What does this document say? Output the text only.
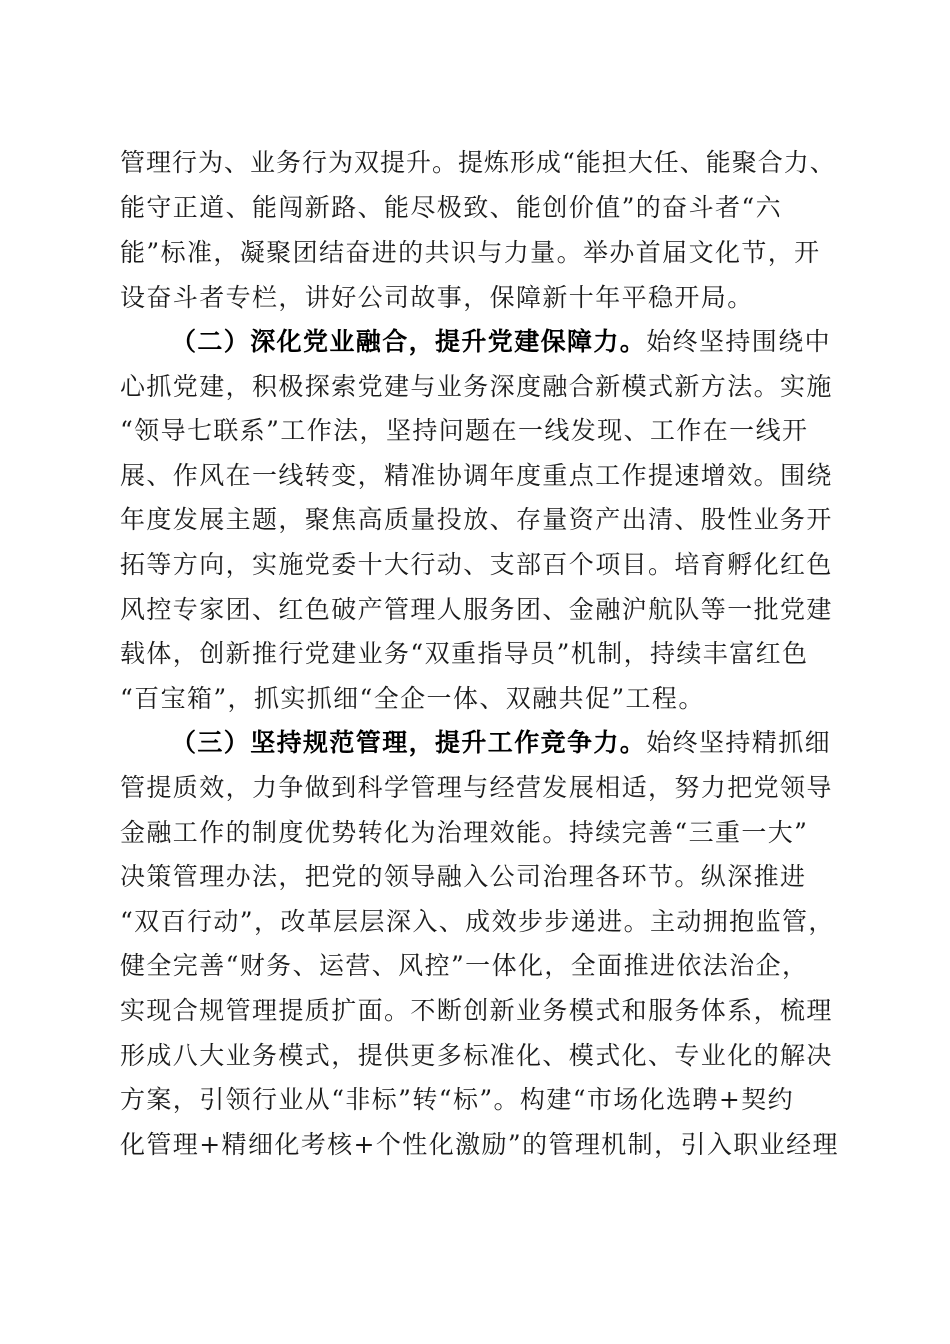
管理行为、业务行为双提升。提炼形成“能担大任、能聚合力、
能守正道、能闯新路、能尽极致、能创价值”的奋斗者“六
能”标准，凝聚团结奋进的共识与力量。举办首届文化节，开
设奋斗者专栏，讲好公司故事，保障新十年平稳开局。
（二）深化党业融合，提升党建保障力。始终坚持围绕中
心抓党建，积极探索党建与业务深度融合新模式新方法。实施
“领导七联系”工作法，坚持问题在一线发现、工作在一线开
展、作风在一线转变，精准协调年度重点工作提速增效。围绕
年度发展主题，聚焦高质量投放、存量资产出清、股性业务开
拓等方向，实施党委十大行动、支部百个项目。培育孵化红色
风控专家团、红色破产管理人服务团、金融沪航队等一批党建
载体，创新推行党建业务“双重指导员”机制，持续丰富红色
“百宝箱”，抓实抓细“全企一体、双融共促”工程。
（三）坚持规范管理，提升工作竞争力。始终坚持精抓细
管提质效，力争做到科学管理与经营发展相适，努力把党领导
金融工作的制度优势转化为治理效能。持续完善“三重一大”
决策管理办法，把党的领导融入公司治理各环节。纵深推进
“双百行动”，改革层层深入、成效步步递进。主动拥抱监管，
健全完善“财务、运营、风控”一体化，全面推进依法治企，
实现合规管理提质扩面。不断创新业务模式和服务体系，梳理
形成八大业务模式，提供更多标准化、模式化、专业化的解决
方案，引领行业从“非标”转“标”。构建“市场化选聘+契约
化管理+精细化考核+个性化激励”的管理机制，引入职业经理
